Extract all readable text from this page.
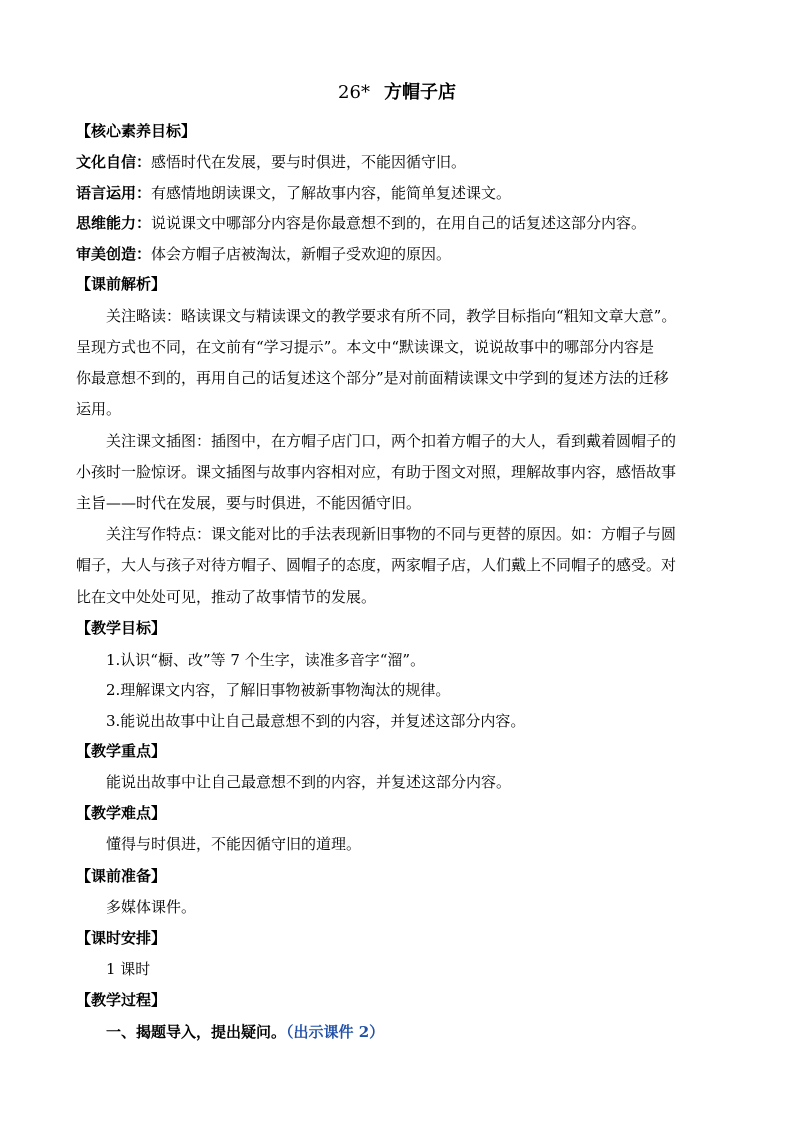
26* 方帽子店
【核心素养目标】
文化自信：感悟时代在发展，要与时俱进，不能因循守旧。
语言运用：有感情地朗读课文，了解故事内容，能简单复述课文。
思维能力：说说课文中哪部分内容是你最意想不到的，在用自己的话复述这部分内容。
审美创造：体会方帽子店被淘汰，新帽子受欢迎的原因。
【课前解析】
关注略读：略读课文与精读课文的教学要求有所不同，教学目标指向“粗知文章大意”。
呈现方式也不同，在文前有“学习提示”。本文中“默读课文，说说故事中的哪部分内容是
你最意想不到的，再用自己的话复述这个部分”是对前面精读课文中学到的复述方法的迁移
运用。
关注课文插图：插图中，在方帽子店门口，两个扣着方帽子的大人，看到戴着圆帽子的
小孩时一脸惊讶。课文插图与故事内容相对应，有助于图文对照，理解故事内容，感悟故事
主旨——时代在发展，要与时俱进，不能因循守旧。
关注写作特点：课文能对比的手法表现新旧事物的不同与更替的原因。如：方帽子与圆
帽子，大人与孩子对待方帽子、圆帽子的态度，两家帽子店，人们戴上不同帽子的感受。对
比在文中处处可见，推动了故事情节的发展。
【教学目标】
1.认识“橱、改”等 7 个生字，读准多音字“溜”。
2.理解课文内容，了解旧事物被新事物淘汰的规律。
3.能说出故事中让自己最意想不到的内容，并复述这部分内容。
【教学重点】
能说出故事中让自己最意想不到的内容，并复述这部分内容。
【教学难点】
懂得与时俱进，不能因循守旧的道理。
【课前准备】
多媒体课件。
【课时安排】
1 课时
【教学过程】
一、揭题导入，提出疑问。（出示课件 2）
